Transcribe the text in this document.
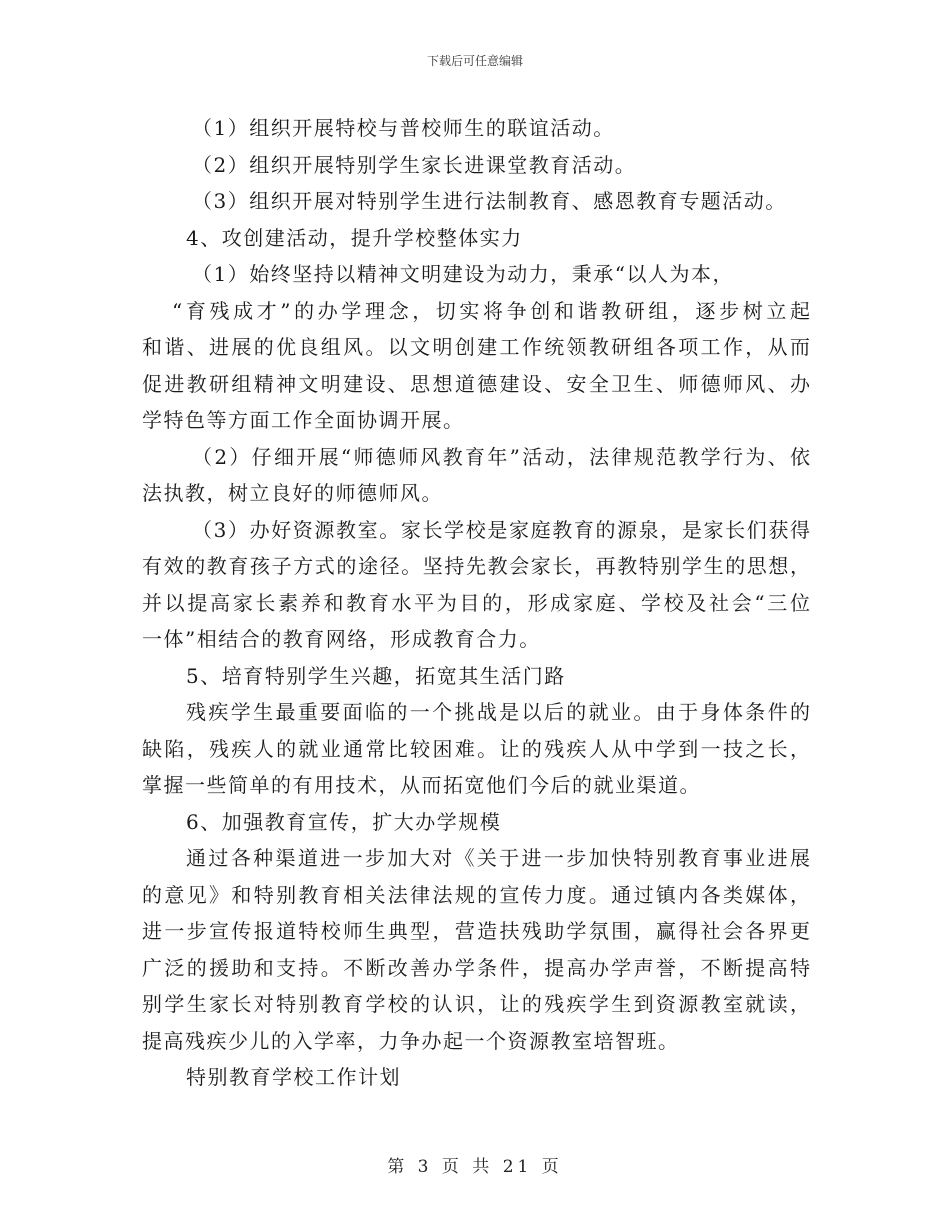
下载后可任意编辑
（1）组织开展特校与普校师生的联谊活动。
（2）组织开展特别学生家长进课堂教育活动。
（3）组织开展对特别学生进行法制教育、感恩教育专题活动。
4、攻创建活动，提升学校整体实力
（1）始终坚持以精神文明建设为动力，秉承“以人为本，
“育残成才”的办学理念，切实将争创和谐教研组，逐步树立起
和谐、进展的优良组风。以文明创建工作统领教研组各项工作，从而
促进教研组精神文明建设、思想道德建设、安全卫生、师德师风、办
学特色等方面工作全面协调开展。
（2）仔细开展“师德师风教育年”活动，法律规范教学行为、依
法执教，树立良好的师德师风。
（3）办好资源教室。家长学校是家庭教育的源泉，是家长们获得
有效的教育孩子方式的途径。坚持先教会家长，再教特别学生的思想，
并以提高家长素养和教育水平为目的，形成家庭、学校及社会“三位
一体”相结合的教育网络，形成教育合力。
5、培育特别学生兴趣，拓宽其生活门路
残疾学生最重要面临的一个挑战是以后的就业。由于身体条件的
缺陷，残疾人的就业通常比较困难。让的残疾人从中学到一技之长，
掌握一些简单的有用技术，从而拓宽他们今后的就业渠道。
6、加强教育宣传，扩大办学规模
通过各种渠道进一步加大对《关于进一步加快特别教育事业进展
的意见》和特别教育相关法律法规的宣传力度。通过镇内各类媒体，
进一步宣传报道特校师生典型，营造扶残助学氛围，赢得社会各界更
广泛的援助和支持。不断改善办学条件，提高办学声誉，不断提高特
别学生家长对特别教育学校的认识，让的残疾学生到资源教室就读，
提高残疾少儿的入学率，力争办起一个资源教室培智班。
特别教育学校工作计划
第 3 页 共 21 页
